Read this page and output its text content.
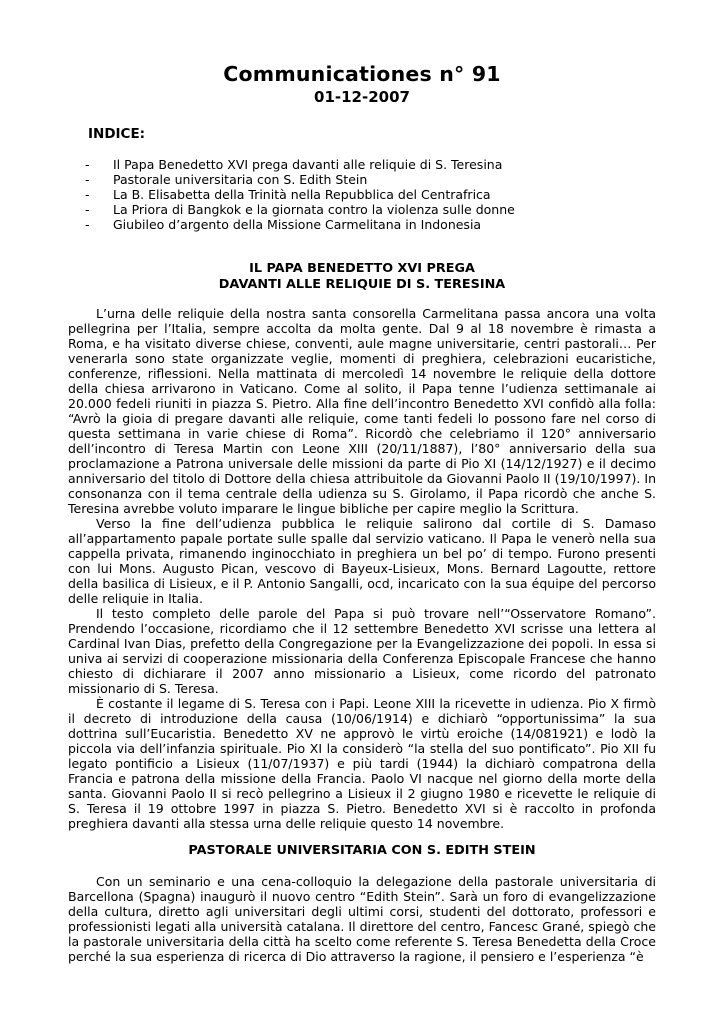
Communicationes n° 91
01-12-2007
INDICE:
-	Il Papa Benedetto XVI prega davanti alle reliquie di S. Teresina
-	Pastorale universitaria con S. Edith Stein
-	La B. Elisabetta della Trinità nella Repubblica del Centrafrica
-	La Priora di Bangkok e la giornata contro la violenza sulle donne
-	Giubileo d’argento della Missione Carmelitana in Indonesia
IL PAPA BENEDETTO XVI PREGA
DAVANTI ALLE RELIQUIE DI S. TERESINA

L’urna delle reliquie della nostra santa consorella Carmelitana passa ancora una volta pellegrina per l’Italia, sempre accolta da molta gente. Dal 9 al 18 novembre è rimasta a Roma, e ha visitato diverse chiese, conventi, aule magne universitarie, centri pastorali… Per venerarla sono state organizzate veglie, momenti di preghiera, celebrazioni eucaristiche, conferenze, riflessioni. Nella mattinata di mercoledì 14 novembre le reliquie della dottore della chiesa arrivarono in Vaticano. Come al solito, il Papa tenne l’udienza settimanale ai 20.000 fedeli riuniti in piazza S. Pietro. Alla fine dell’incontro Benedetto XVI confidò alla folla: “Avrò la gioia di pregare davanti alle reliquie, come tanti fedeli lo possono fare nel corso di questa settimana in varie chiese di Roma”. Ricordò che celebriamo il 120° anniversario dell’incontro di Teresa Martin con Leone XIII (20/11/1887), l’80° anniversario della sua proclamazione a Patrona universale delle missioni da parte di Pio XI (14/12/1927) e il decimo anniversario del titolo di Dottore della chiesa attribuitole da Giovanni Paolo II (19/10/1997). In consonanza con il tema centrale della udienza su S. Girolamo, il Papa ricordò che anche S. Teresina avrebbe voluto imparare le lingue bibliche per capire meglio la Scrittura.

Verso la fine dell’udienza pubblica le reliquie salirono dal cortile di S. Damaso all’appartamento papale portate sulle spalle dal servizio vaticano. Il Papa le venerò nella sua cappella privata, rimanendo inginocchiato in preghiera un bel po’ di tempo. Furono presenti con lui Mons. Augusto Pican, vescovo di Bayeux-Lisieux, Mons. Bernard Lagoutte, rettore della basilica di Lisieux, e il P. Antonio Sangalli, ocd, incaricato con la sua équipe del percorso delle reliquie in Italia.

Il testo completo delle parole del Papa si può trovare nell’“Osservatore Romano”. Prendendo l’occasione, ricordiamo che il 12 settembre Benedetto XVI scrisse una lettera al Cardinal Ivan Dias, prefetto della Congregazione per la Evangelizzazione dei popoli. In essa si univa ai servizi di cooperazione missionaria della Conferenza Episcopale Francese che hanno chiesto di dichiarare il 2007 anno missionario a Lisieux, come ricordo del patronato missionario di S. Teresa.

È costante il legame di S. Teresa con i Papi. Leone XIII la ricevette in udienza. Pio X firmò il decreto di introduzione della causa (10/06/1914) e dichiarò “opportunissima” la sua dottrina sull’Eucaristia. Benedetto XV ne approvò le virtù eroiche (14/081921) e lodò la piccola via dell’infanzia spirituale. Pio XI la considerò “la stella del suo pontificato”. Pio XII fu legato pontificio a Lisieux (11/07/1937) e più tardi (1944) la dichiarò compatrona della Francia e patrona della missione della Francia. Paolo VI nacque nel giorno della morte della santa. Giovanni Paolo II si recò pellegrino a Lisieux il 2 giugno 1980 e ricevette le reliquie di S. Teresa il 19 ottobre 1997 in piazza S. Pietro. Benedetto XVI si è raccolto in profonda preghiera davanti alla stessa urna delle reliquie questo 14 novembre.

PASTORALE UNIVERSITARIA CON S. EDITH STEIN

Con un seminario e una cena-colloquio la delegazione della pastorale universitaria di Barcellona (Spagna) inaugurò il nuovo centro “Edith Stein”. Sarà un foro di evangelizzazione della cultura, diretto agli universitari degli ultimi corsi, studenti del dottorato, professori e professionisti legati alla università catalana. Il direttore del centro, Fancesc Grané, spiegò che la pastorale universitaria della città ha scelto come referente S. Teresa Benedetta della Croce perché la sua esperienza di ricerca di Dio attraverso la ragione, il pensiero e l’esperienza “è
